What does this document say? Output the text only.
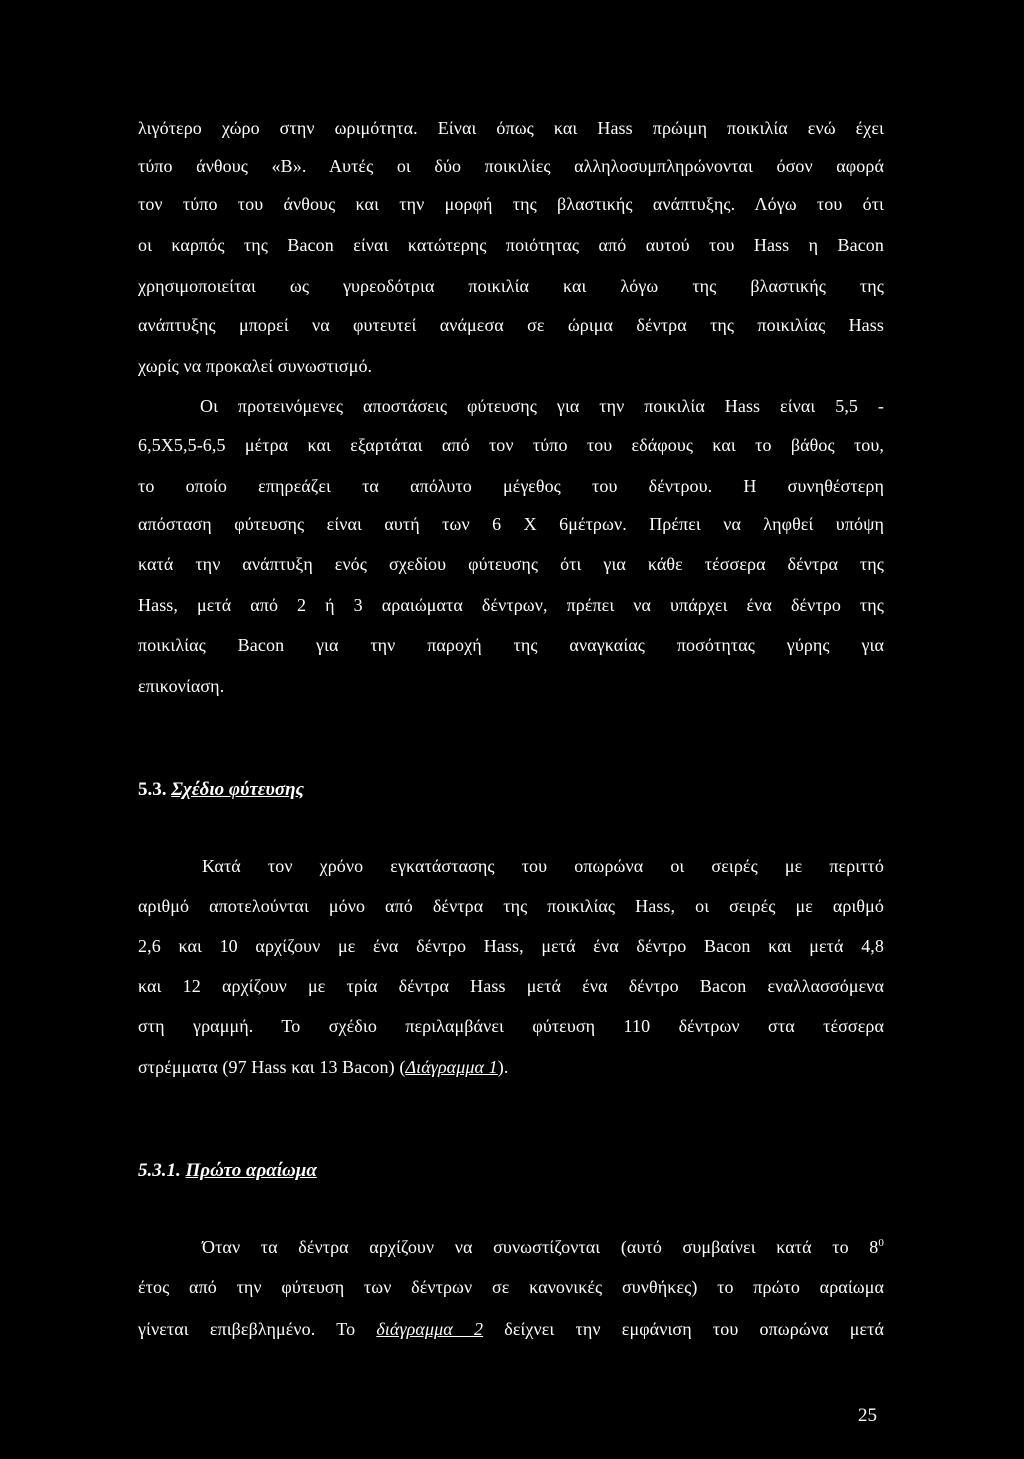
λιγότερο χώρο στην ωριμότητα. Είναι όπως και Hass πρώιμη ποικιλία ενώ έχει
τύπο άνθους «Β». Αυτές οι δύο ποικιλίες αλληλοσυμπληρώνονται όσον αφορά
τον τύπο του άνθους και την μορφή της βλαστικής ανάπτυξης. Λόγω του ότι
οι καρπός της Bacon είναι κατώτερης ποιότητας από αυτού του Hass η Bacon
χρησιμοποιείται ως γυρεοδότρια ποικιλία και λόγω της βλαστικής της
ανάπτυξης μπορεί να φυτευτεί ανάμεσα σε ώριμα δέντρα της ποικιλίας Hass
χωρίς να προκαλεί συνωστισμό.
Οι προτεινόμενες αποστάσεις φύτευσης για την ποικιλία Hass είναι 5,5 -
6,5Χ5,5-6,5 μέτρα και εξαρτάται από τον τύπο του εδάφους και το βάθος του,
το οποίο επηρεάζει τα απόλυτο μέγεθος του δέντρου. Η συνηθέστερη
απόσταση φύτευσης είναι αυτή των 6 Χ 6μέτρων. Πρέπει να ληφθεί υπόψη
κατά την ανάπτυξη ενός σχεδίου φύτευσης ότι για κάθε τέσσερα δέντρα της
Hass, μετά από 2 ή 3 αραιώματα δέντρων, πρέπει να υπάρχει ένα δέντρο της
ποικιλίας Bacon για την παροχή της αναγκαίας ποσότητας γύρης για
επικονίαση.
5.3. Σχέδιο φύτευσης
Κατά τον χρόνο εγκατάστασης του οπωρώνα οι σειρές με περιττό
αριθμό αποτελούνται μόνο από δέντρα της ποικιλίας Hass, οι σειρές με αριθμό
2,6 και 10 αρχίζουν με ένα δέντρο Hass, μετά ένα δέντρο Bacon και μετά 4,8
και 12 αρχίζουν με τρία δέντρα Hass μετά ένα δέντρο Bacon εναλλασσόμενα
στη γραμμή. Το σχέδιο περιλαμβάνει φύτευση 110 δέντρων στα τέσσερα
στρέμματα (97 Hass και 13 Bacon) (Διάγραμμα 1).
5.3.1. Πρώτο αραίωμα
Όταν τα δέντρα αρχίζουν να συνωστίζονται (αυτό συμβαίνει κατά το $8^0$
έτος από την φύτευση των δέντρων σε κανονικές συνθήκες) το πρώτο αραίωμα
γίνεται επιβεβλημένο. Το διάγραμμα 2 δείχνει την εμφάνιση του οπωρώνα μετά
25
